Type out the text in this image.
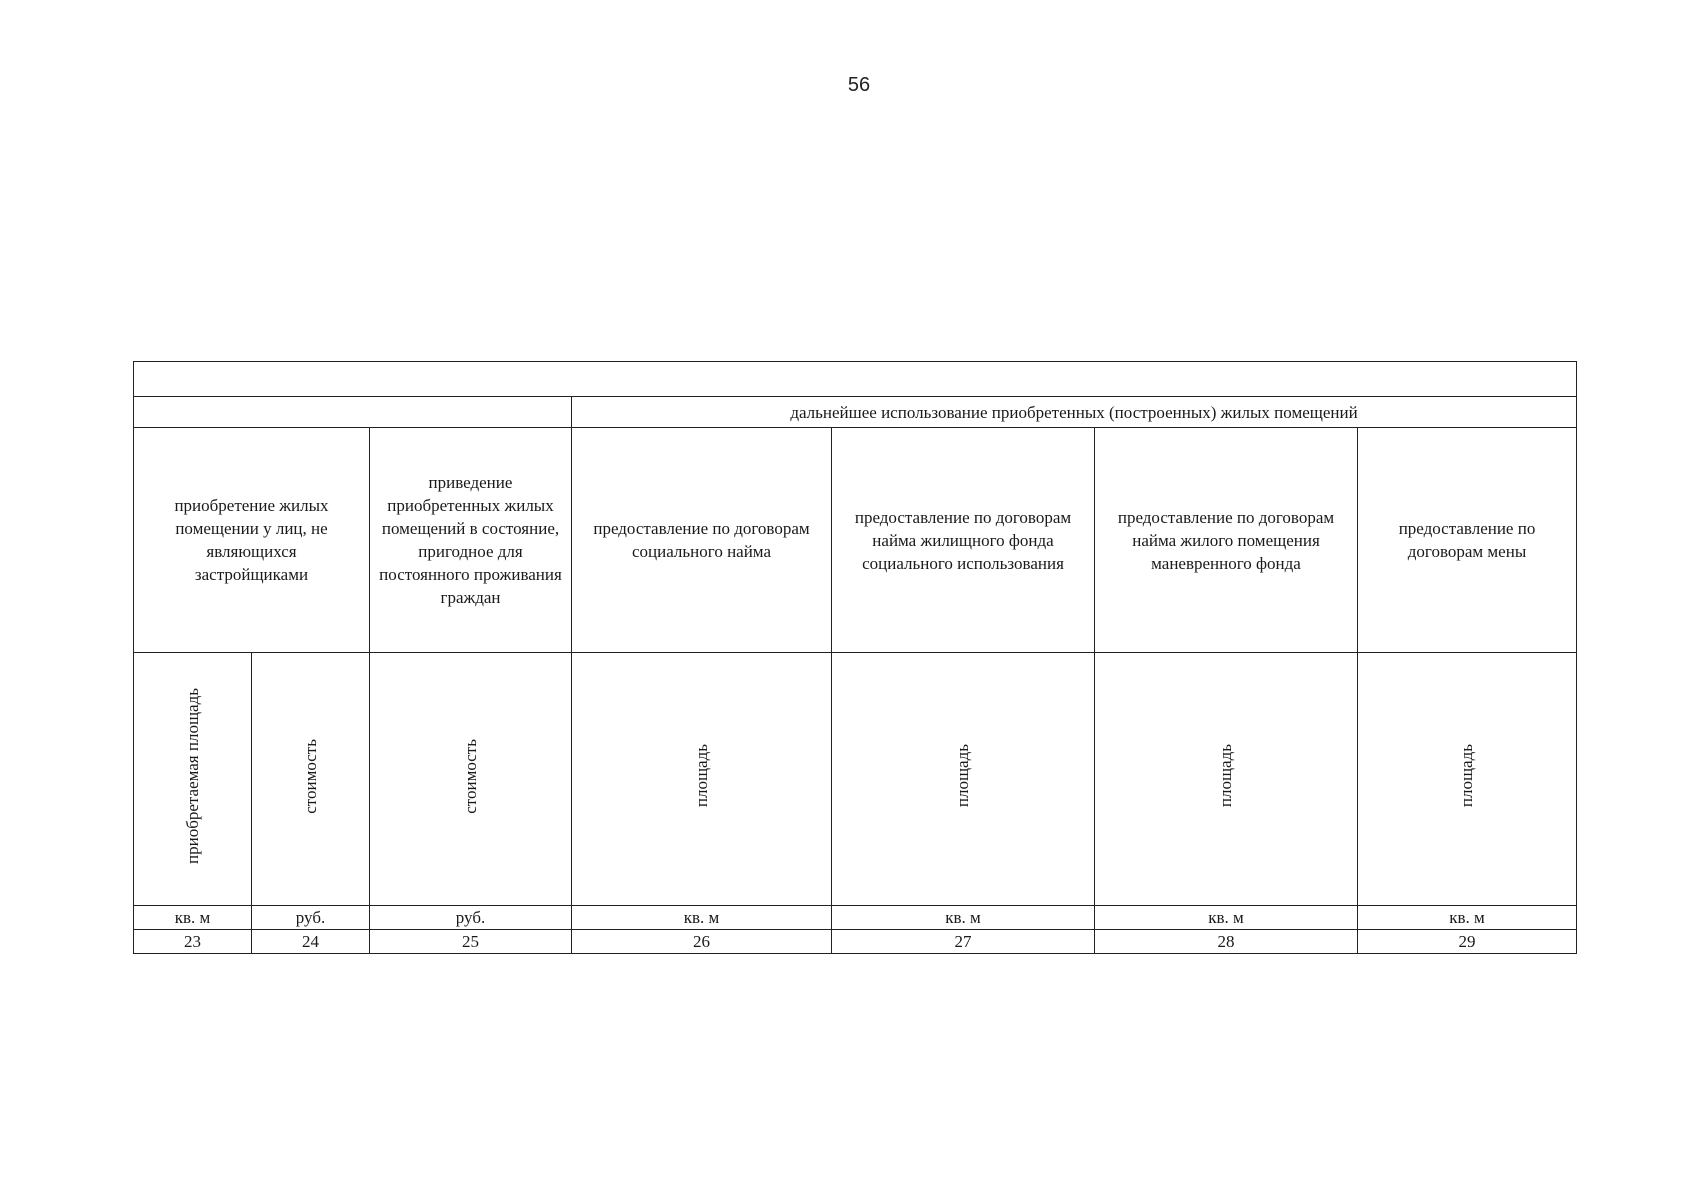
56

			дальнейшее использование приобретенных (построенных) жилых помещений			

приобретение жилых помещении у лиц, не являющихся застройщиками		приведение приобретенных жилых помещений в состояние, пригодное для постоянного проживания граждан	предоставление по договорам социального найма	предоставление по договорам найма жилищного фонда социального использования	предоставление по договорам найма жилого помещения маневренного фонда	предоставление по договорам мены

приобретаемая площадь	стоимость	стоимость	площадь	площадь	площадь	площадь
кв. м	руб.	руб.	кв. м	кв. м	кв. м	кв. м
23	24	25	26	27	28	29
